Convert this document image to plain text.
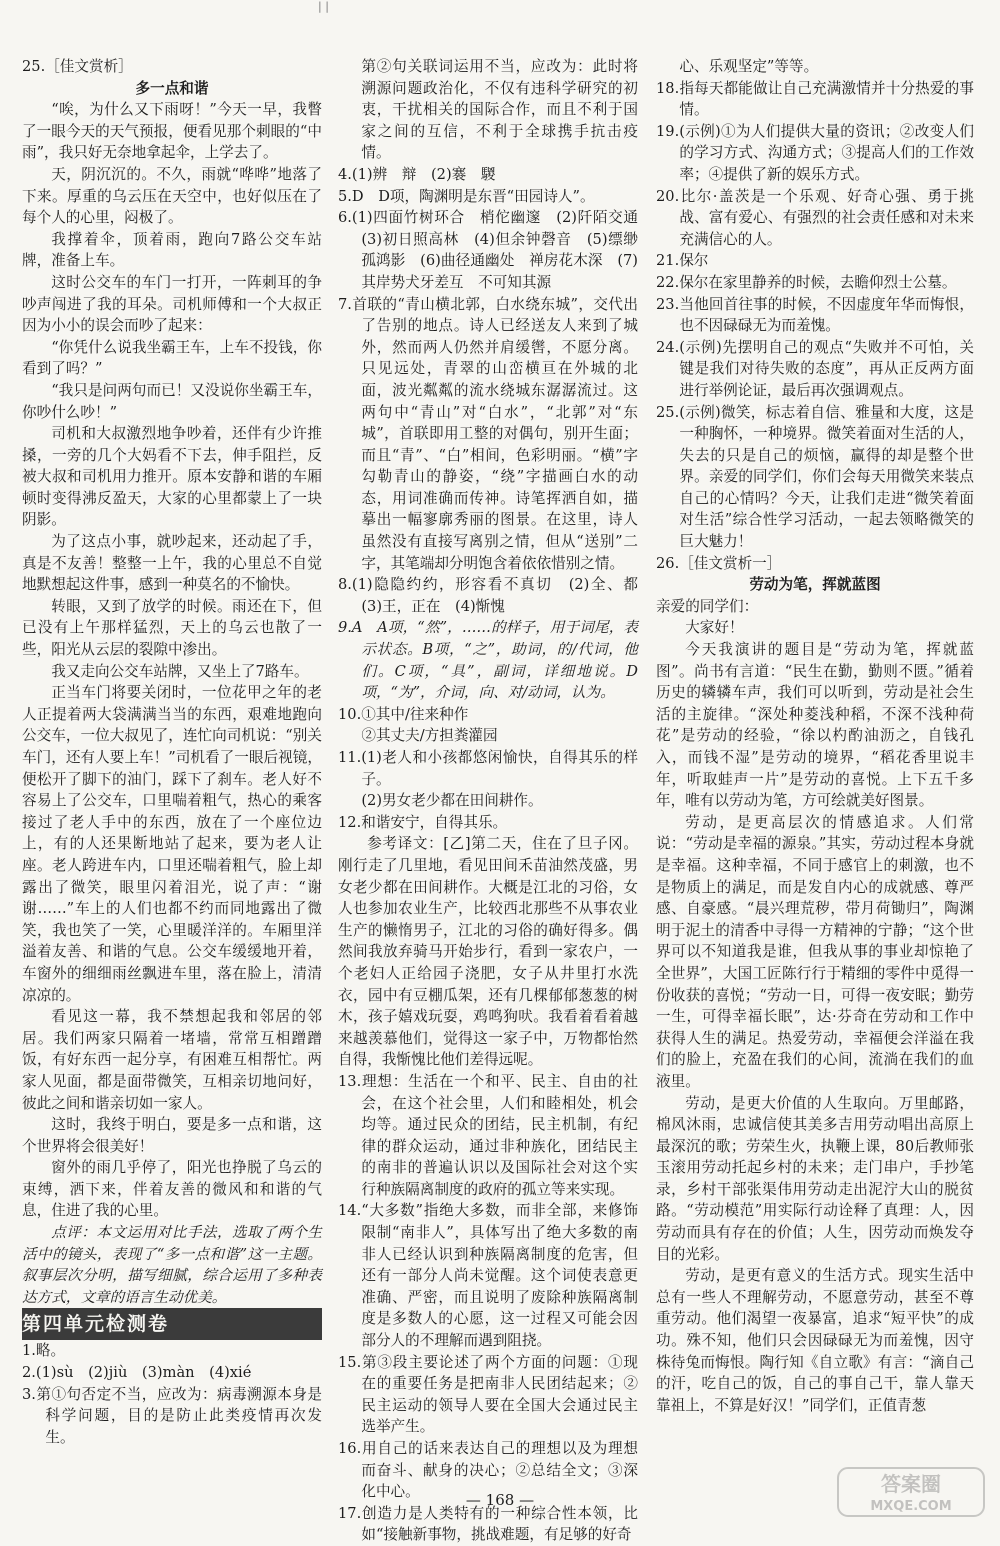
| |

25.［佳文赏析］

多一点和谐

“唉，为什么又下雨呀！”今天一早，我瞥了一眼今天的天气预报，便看见那个刺眼的“中雨”，我只好无奈地拿起伞，上学去了。

天，阴沉沉的。不久，雨就“哗哗”地落了下来。厚重的乌云压在天空中，也好似压在了每个人的心里，闷极了。

我撑着伞，顶着雨，跑向7路公交车站牌，准备上车。

这时公交车的车门一打开，一阵刺耳的争吵声闯进了我的耳朵。司机师傅和一个大叔正因为小小的误会而吵了起来：

“你凭什么说我坐霸王车，上车不投钱，你看到了吗？”

“我只是问两句而已！又没说你坐霸王车，你吵什么吵！”

司机和大叔激烈地争吵着，还伴有少许推搡，一旁的几个大妈看不下去，伸手阻拦，反被大叔和司机用力推开。原本安静和谐的车厢顿时变得沸反盈天，大家的心里都蒙上了一块阴影。

为了这点小事，就吵起来，还动起了手，真是不友善！整整一上午，我的心里总不自觉地默想起这件事，感到一种莫名的不愉快。

转眼，又到了放学的时候。雨还在下，但已没有上午那样猛烈，天上的乌云也散了一些，阳光从云层的裂隙中渗出。

我又走向公交车站牌，又坐上了7路车。

正当车门将要关闭时，一位花甲之年的老人正提着两大袋满满当当的东西，艰难地跑向公交车，一位大叔见了，连忙向司机说：“别关车门，还有人要上车！”司机看了一眼后视镜，便松开了脚下的油门，踩下了刹车。老人好不容易上了公交车，口里喘着粗气，热心的乘客接过了老人手中的东西，放在了一个座位边上，有的人还果断地站了起来，要为老人让座。老人跨进车内，口里还喘着粗气，脸上却露出了微笑，眼里闪着泪光，说了声：“谢谢……”车上的人们也都不约而同地露出了微笑，我也笑了一笑，心里暖洋洋的。车厢里洋溢着友善、和谐的气息。公交车缓缓地开着，车窗外的细细雨丝飘进车里，落在脸上，清清凉凉的。

看见这一幕，我不禁想起我和邻居的邻居。我们两家只隔着一堵墙，常常互相蹭蹭饭，有好东西一起分享，有困难互相帮忙。两家人见面，都是面带微笑，互相亲切地问好，彼此之间和谐亲切如一家人。

这时，我终于明白，要是多一点和谐，这个世界将会很美好！

窗外的雨几乎停了，阳光也挣脱了乌云的束缚，洒下来，伴着友善的微风和和谐的气息，住进了我的心里。

点评：本文运用对比手法，选取了两个生活中的镜头，表现了“多一点和谐”这一主题。叙事层次分明，描写细腻，综合运用了多种表达方式，文章的语言生动优美。

第四单元检测卷

1.略。

2.(1)sù　(2)jiù　(3)màn　(4)xié

3.第①句否定不当，应改为：病毒溯源本身是科学问题，目的是防止此类疫情再次发生。

第②句关联词运用不当，应改为：此时将溯源问题政治化，不仅有违科学研究的初衷，干扰相关的国际合作，而且不利于国家之间的互信，不利于全球携手抗击疫情。

4.(1)辨　辩　(2)褰　騣

5.D　D项，陶渊明是东晋“田园诗人”。

6.(1)四面竹树环合　梢佗幽邃　(2)阡陌交通　(3)初日照高林　(4)但余钟磬音　(5)缥缈孤鸿影　(6)曲径通幽处　禅房花木深　(7)其岸势犬牙差互　不可知其源

7.首联的“青山横北郭，白水绕东城”，交代出了告别的地点。诗人已经送友人来到了城外，然而两人仍然并肩缓辔，不愿分离。只见远处，青翠的山峦横亘在外城的北面，波光粼粼的流水绕城东潺潺流过。这两句中“青山”对“白水”，“北郭”对“东城”，首联即用工整的对偶句，别开生面；而且“青”、“白”相间，色彩明丽。“横”字勾勒青山的静姿，“绕”字描画白水的动态，用词准确而传神。诗笔挥洒自如，描摹出一幅寥廓秀丽的图景。在这里，诗人虽然没有直接写离别之情，但从“送别”二字，其笔端却分明饱含着依依惜别之情。

8.(1)隐隐约约，形容看不真切　(2)全、都　(3)王，正在　(4)惭愧

9.A　A项，“然”，……的样子，用于词尾，表示状态。B项，“之”，助词，的/代词，他们。C项，“具”，副词，详细地说。D项，“为”，介词，向、对/动词，认为。

10.①其中/往来种作

②其丈夫/方担粪灌园

11.(1)老人和小孩都悠闲愉快，自得其乐的样子。

(2)男女老少都在田间耕作。

12.和谐安宁，自得其乐。

参考译文：[乙]第二天，住在了旦子冈。刚行走了几里地，看见田间禾苗油然茂盛，男女老少都在田间耕作。大概是江北的习俗，女人也参加农业生产，比较西北那些不从事农业生产的懒惰男子，江北的习俗的确好得多。偶然间我放弃骑马开始步行，看到一家农户，一个老妇人正给园子浇肥，女子从井里打水洗衣，园中有豆棚瓜架，还有几棵郁郁葱葱的树木，孩子嬉戏玩耍，鸡鸣狗吠。我看着看着越来越羡慕他们，觉得这一家子中，万物都怡然自得，我惭愧比他们差得远呢。

13.理想：生活在一个和平、民主、自由的社会，在这个社会里，人们和睦相处，机会均等。通过民众的团结，民主机制，有纪律的群众运动，通过非种族化，团结民主的南非的普遍认识以及国际社会对这个实行种族隔离制度的政府的孤立等来实现。

14.“大多数”指绝大多数，而非全部，来修饰限制“南非人”，具体写出了绝大多数的南非人已经认识到种族隔离制度的危害，但还有一部分人尚未觉醒。这个词使表意更准确、严密，而且说明了废除种族隔离制度是多数人的心愿，这一过程又可能会因部分人的不理解而遇到阻挠。

15.第③段主要论述了两个方面的问题：①现在的重要任务是把南非人民团结起来；②民主运动的领导人要在全国大会通过民主选举产生。

16.用自己的话来表达自己的理想以及为理想而奋斗、献身的决心；②总结全文；③深化中心。

17.创造力是人类特有的一种综合性本领，比如“接触新事物，挑战难题，有足够的好奇

心、乐观坚定”等等。

18.指每天都能做让自己充满激情并十分热爱的事情。

19.(示例)①为人们提供大量的资讯；②改变人们的学习方式、沟通方式；③提高人们的工作效率；④提供了新的娱乐方式。

20.比尔·盖茨是一个乐观、好奇心强、勇于挑战、富有爱心、有强烈的社会责任感和对未来充满信心的人。

21.保尔

22.保尔在家里静养的时候，去瞻仰烈士公墓。

23.当他回首往事的时候，不因虚度年华而悔恨，也不因碌碌无为而羞愧。

24.(示例)先摆明自己的观点“失败并不可怕，关键是我们对待失败的态度”，再从正反两方面进行举例论证，最后再次强调观点。

25.(示例)微笑，标志着自信、雅量和大度，这是一种胸怀，一种境界。微笑着面对生活的人，失去的只是自己的烦恼，赢得的却是整个世界。亲爱的同学们，你们会每天用微笑来装点自己的心情吗？今天，让我们走进“微笑着面对生活”综合性学习活动，一起去领略微笑的巨大魅力！

26.［佳文赏析一］

劳动为笔，挥就蓝图

亲爱的同学们：

大家好！

今天我演讲的题目是“劳动为笔，挥就蓝图”。尚书有言道：“民生在勤，勤则不匮。”循着历史的辚辚车声，我们可以听到，劳动是社会生活的主旋律。“深处种菱浅种稻，不深不浅种荷花”是劳动的经验，“徐以杓酌油沥之，自钱孔入，而钱不湿”是劳动的境界，“稻花香里说丰年，听取蛙声一片”是劳动的喜悦。上下五千多年，唯有以劳动为笔，方可绘就美好图景。

劳动，是更高层次的情感追求。人们常说：“劳动是幸福的源泉。”其实，劳动过程本身就是幸福。这种幸福，不同于感官上的刺激，也不是物质上的满足，而是发自内心的成就感、尊严感、自豪感。“晨兴理荒秽，带月荷锄归”，陶渊明于泥土的清香中寻得一方精神的宁静；“这个世界可以不知道我是谁，但我从事的事业却惊艳了全世界”，大国工匠陈行行于精细的零件中觅得一份收获的喜悦；“劳动一日，可得一夜安眠；勤劳一生，可得幸福长眠”，达·芬奇在劳动和工作中获得人生的满足。热爱劳动，幸福便会洋溢在我们的脸上，充盈在我们的心间，流淌在我们的血液里。

劳动，是更大价值的人生取向。万里邮路，棉风沐雨，忠诚信使其美多吉用劳动唱出高原上最深沉的歌；劳荣生火，执鞭上课，80后教师张玉滚用劳动托起乡村的未来；走门串户，手抄笔录，乡村干部张渠伟用劳动走出泥泞大山的脱贫路。“劳动模范”用实际行动诠释了真理：人，因劳动而具有存在的价值；人生，因劳动而焕发夺目的光彩。

劳动，是更有意义的生活方式。现实生活中总有一些人不理解劳动，不愿意劳动，甚至不尊重劳动。他们渴望一夜暴富，追求“短平快”的成功。殊不知，他们只会因碌碌无为而羞愧，因守株待兔而悔恨。陶行知《自立歌》有言：“滴自己的汗，吃自己的饭，自己的事自己干，靠人靠天靠祖上，不算是好汉！”同学们，正值青葱

— 168 —
答案圈
MXQE.COM
